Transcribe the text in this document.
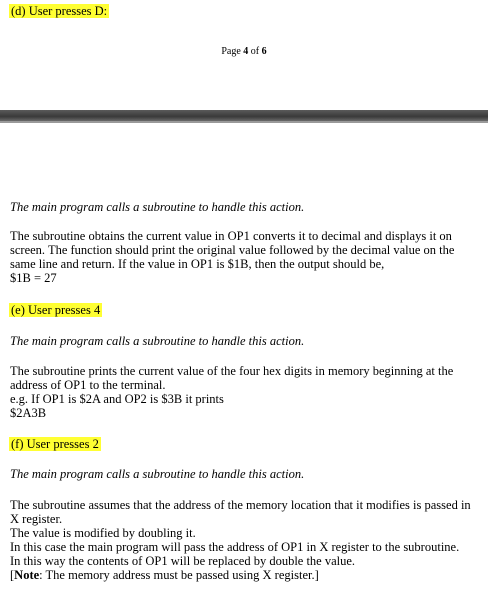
(d) User presses D:
Page 4 of 6
The main program calls a subroutine to handle this action.

The subroutine obtains the current value in OP1 converts it to decimal and displays it on screen. The function should print the original value followed by the decimal value on the same line and return. If the value in OP1 is $1B, then the output should be,

$1B = 27

(e) User presses 4
The main program calls a subroutine to handle this action.

The subroutine prints the current value of the four hex digits in memory beginning at the address of OP1 to the terminal.

e.g. If OP1 is $2A and OP2 is $3B it prints

$2A3B

(f) User presses 2
The main program calls a subroutine to handle this action.

The subroutine assumes that the address of the memory location that it modifies is passed in X register.

The value is modified by doubling it.

In this case the main program will pass the address of OP1 in X register to the subroutine.

In this way the contents of OP1 will be replaced by double the value.

[Note: The memory address must be passed using X register.]
